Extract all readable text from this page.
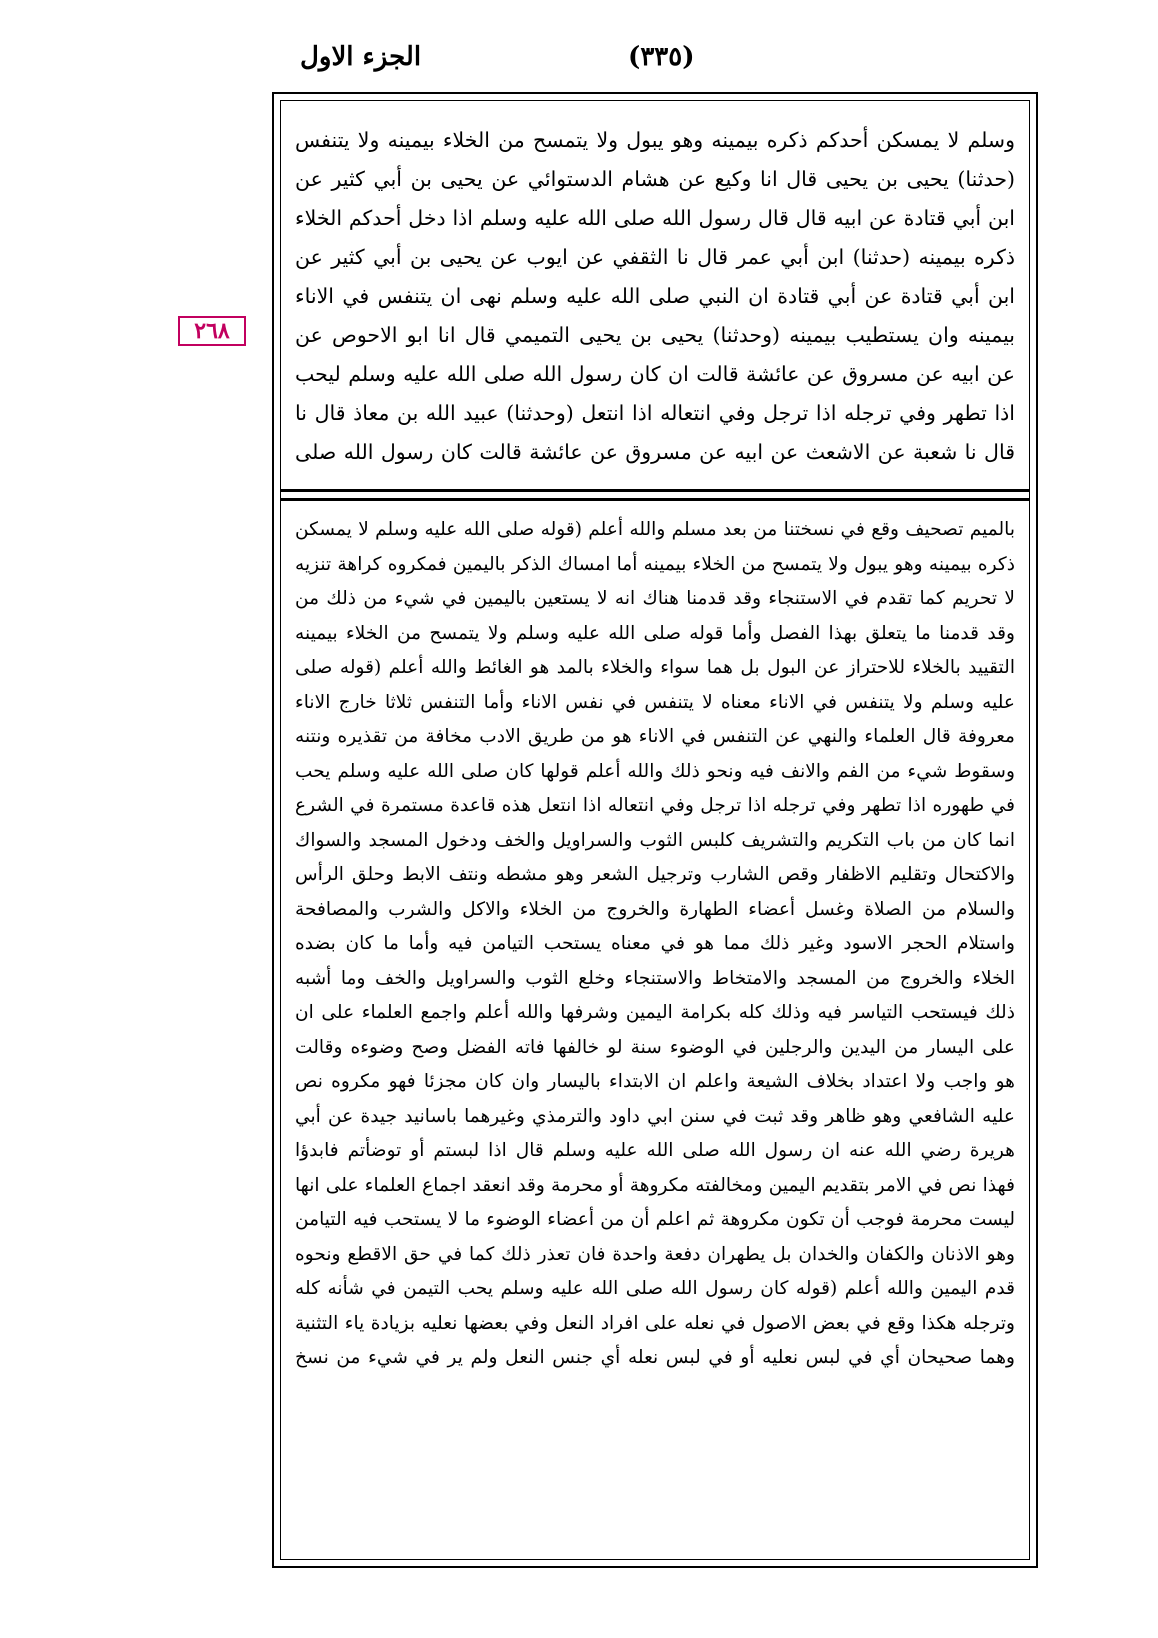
الجزء الاول	(٣٣٥)
٢٦٨
وسلم لا يمسكن أحدكم ذكره بيمينه وهو يبول ولا يتمسح من الخلاء بيمينه ولا يتنفس
(حدثنا) يحيى بن يحيى قال انا وكيع عن هشام الدستوائي عن يحيى بن أبي كثير عن
ابن أبي قتادة عن ابيه قال قال رسول الله صلى الله عليه وسلم اذا دخل أحدكم الخلاء
ذكره بيمينه (حدثنا) ابن أبي عمر قال نا الثقفي عن ايوب عن يحيى بن أبي كثير عن
ابن أبي قتادة عن أبي قتادة ان النبي صلى الله عليه وسلم نهى ان يتنفس في الاناء
بيمينه وان يستطيب بيمينه (وحدثنا) يحيى بن يحيى التميمي قال انا ابو الاحوص عن
عن ابيه عن مسروق عن عائشة قالت ان كان رسول الله صلى الله عليه وسلم ليحب
اذا تطهر وفي ترجله اذا ترجل وفي انتعاله اذا انتعل (وحدثنا) عبيد الله بن معاذ قال نا
قال نا شعبة عن الاشعث عن ابيه عن مسروق عن عائشة قالت كان رسول الله صلى
بالميم تصحيف وقع في نسختنا من بعد مسلم والله أعلم (قوله صلى الله عليه وسلم لا يمسكن
ذكره بيمينه وهو يبول ولا يتمسح من الخلاء بيمينه أما امساك الذكر باليمين فمكروه كراهة تنزيه
لا تحريم كما تقدم في الاستنجاء وقد قدمنا هناك انه لا يستعين باليمين في شيء من ذلك من
وقد قدمنا ما يتعلق بهذا الفصل وأما قوله صلى الله عليه وسلم ولا يتمسح من الخلاء بيمينه
التقييد بالخلاء للاحتراز عن البول بل هما سواء والخلاء بالمد هو الغائط والله أعلم (قوله صلى
عليه وسلم ولا يتنفس في الاناء معناه لا يتنفس في نفس الاناء وأما التنفس ثلاثا خارج الاناء
معروفة قال العلماء والنهي عن التنفس في الاناء هو من طريق الادب مخافة من تقذيره ونتنه
وسقوط شيء من الفم والانف فيه ونحو ذلك والله أعلم قولها كان صلى الله عليه وسلم يحب
في طهوره اذا تطهر وفي ترجله اذا ترجل وفي انتعاله اذا انتعل هذه قاعدة مستمرة في الشرع
انما كان من باب التكريم والتشريف كلبس الثوب والسراويل والخف ودخول المسجد والسواك
والاكتحال وتقليم الاظفار وقص الشارب وترجيل الشعر وهو مشطه ونتف الابط وحلق الرأس
والسلام من الصلاة وغسل أعضاء الطهارة والخروج من الخلاء والاكل والشرب والمصافحة
واستلام الحجر الاسود وغير ذلك مما هو في معناه يستحب التيامن فيه وأما ما كان بضده
الخلاء والخروج من المسجد والامتخاط والاستنجاء وخلع الثوب والسراويل والخف وما أشبه
ذلك فيستحب التياسر فيه وذلك كله بكرامة اليمين وشرفها والله أعلم واجمع العلماء على ان
على اليسار من اليدين والرجلين في الوضوء سنة لو خالفها فاته الفضل وصح وضوءه وقالت
هو واجب ولا اعتداد بخلاف الشيعة واعلم ان الابتداء باليسار وان كان مجزئا فهو مكروه نص
عليه الشافعي وهو ظاهر وقد ثبت في سنن ابي داود والترمذي وغيرهما باسانيد جيدة عن أبي
هريرة رضي الله عنه ان رسول الله صلى الله عليه وسلم قال اذا لبستم أو توضأتم فابدؤا
فهذا نص في الامر بتقديم اليمين ومخالفته مكروهة أو محرمة وقد انعقد اجماع العلماء على انها
ليست محرمة فوجب أن تكون مكروهة ثم اعلم أن من أعضاء الوضوء ما لا يستحب فيه التيامن
وهو الاذنان والكفان والخدان بل يطهران دفعة واحدة فان تعذر ذلك كما في حق الاقطع ونحوه
قدم اليمين والله أعلم (قوله كان رسول الله صلى الله عليه وسلم يحب التيمن في شأنه كله
وترجله هكذا وقع في بعض الاصول في نعله على افراد النعل وفي بعضها نعليه بزيادة ياء التثنية
وهما صحيحان أي في لبس نعليه أو في لبس نعله أي جنس النعل ولم ير في شيء من نسخ
